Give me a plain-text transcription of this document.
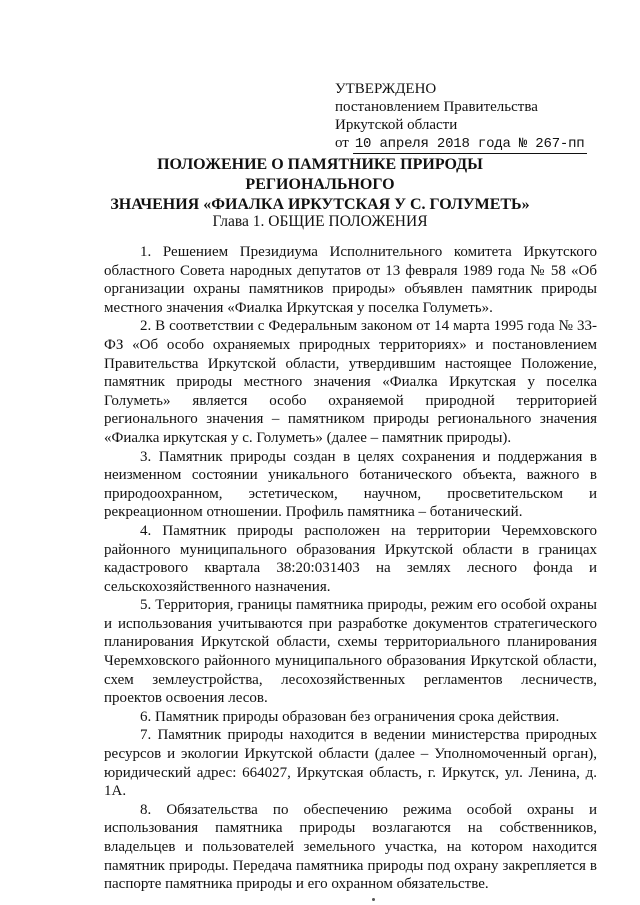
УТВЕРЖДЕНО
постановлением Правительства
Иркутской области
от 10 апреля 2018 года № 267-пп
ПОЛОЖЕНИЕ О ПАМЯТНИКЕ ПРИРОДЫ РЕГИОНАЛЬНОГО
ЗНАЧЕНИЯ «ФИАЛКА ИРКУТСКАЯ У С. ГОЛУМЕТЬ»
Глава 1. ОБЩИЕ ПОЛОЖЕНИЯ

1. Решением Президиума Исполнительного комитета Иркутского областного Совета народных депутатов от 13 февраля 1989 года № 58 «Об организации охраны памятников природы» объявлен памятник природы местного значения «Фиалка Иркутская у поселка Голуметь».

2. В соответствии с Федеральным законом от 14 марта 1995 года № 33-ФЗ «Об особо охраняемых природных территориях» и постановлением Правительства Иркутской области, утвердившим настоящее Положение, памятник природы местного значения «Фиалка Иркутская у поселка Голуметь» является особо охраняемой природной территорией регионального значения – памятником природы регионального значения «Фиалка иркутская у с. Голуметь» (далее – памятник природы).

3. Памятник природы создан в целях сохранения и поддержания в неизменном состоянии уникального ботанического объекта, важного в природоохранном, эстетическом, научном, просветительском и рекреационном отношении. Профиль памятника – ботанический.

4. Памятник природы расположен на территории Черемховского районного муниципального образования Иркутской области в границах кадастрового квартала 38:20:031403 на землях лесного фонда и сельскохозяйственного назначения.

5. Территория, границы памятника природы, режим его особой охраны и использования учитываются при разработке документов стратегического планирования Иркутской области, схемы территориального планирования Черемховского районного муниципального образования Иркутской области, схем землеустройства, лесохозяйственных регламентов лесничеств, проектов освоения лесов.

6. Памятник природы образован без ограничения срока действия.

7. Памятник природы находится в ведении министерства природных ресурсов и экологии Иркутской области (далее – Уполномоченный орган), юридический адрес: 664027, Иркутская область, г. Иркутск, ул. Ленина, д. 1А.

8. Обязательства по обеспечению режима особой охраны и использования памятника природы возлагаются на собственников, владельцев и пользователей земельного участка, на котором находится памятник природы. Передача памятника природы под охрану закрепляется в паспорте памятника природы и его охранном обязательстве.
